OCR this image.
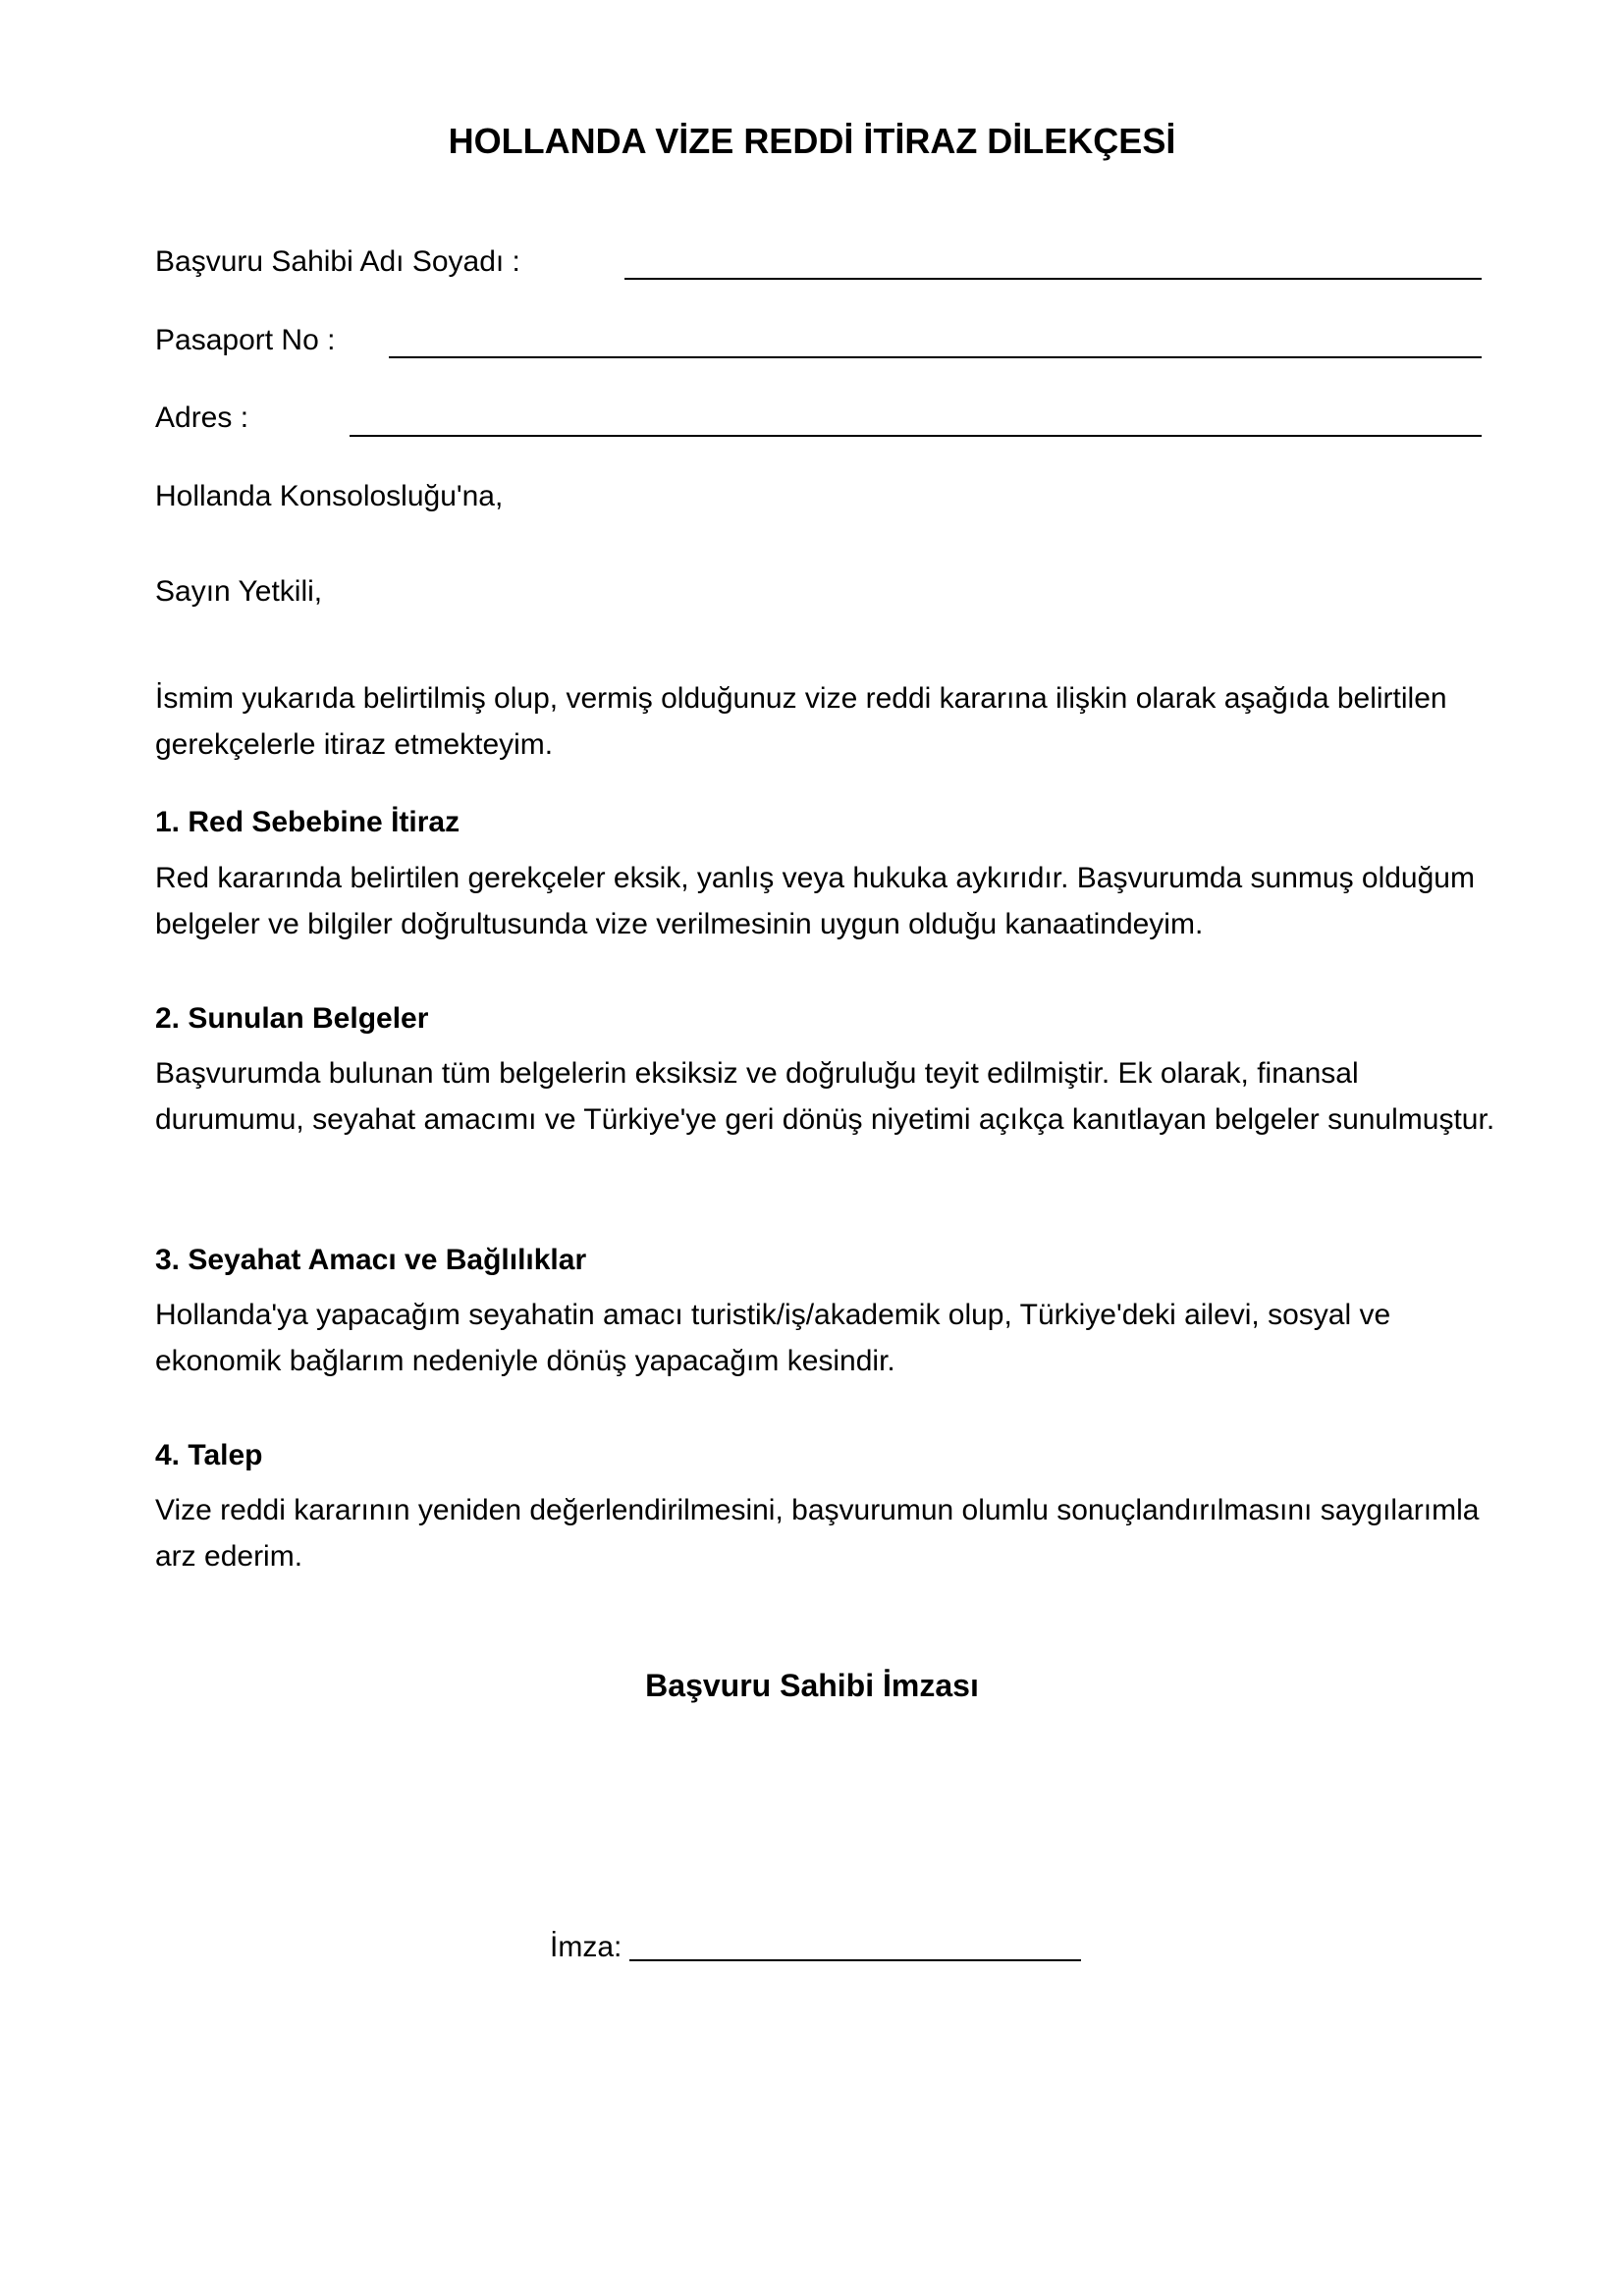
HOLLANDA VİZE REDDİ İTİRAZ DİLEKÇESİ
Başvuru Sahibi Adı Soyadı :
Pasaport No :
Adres :
Hollanda Konsolosluğu'na,
Sayın Yetkili,
İsmim yukarıda belirtilmiş olup, vermiş olduğunuz vize reddi kararına ilişkin olarak aşağıda belirtilen gerekçelerle itiraz etmekteyim.
1. Red Sebebine İtiraz
Red kararında belirtilen gerekçeler eksik, yanlış veya hukuka aykırıdır. Başvurumda sunmuş olduğum belgeler ve bilgiler doğrultusunda vize verilmesinin uygun olduğu kanaatindeyim.
2. Sunulan Belgeler
Başvurumda bulunan tüm belgelerin eksiksiz ve doğruluğu teyit edilmiştir. Ek olarak, finansal durumumu, seyahat amacımı ve Türkiye'ye geri dönüş niyetimi açıkça kanıtlayan belgeler sunulmuştur.
3. Seyahat Amacı ve Bağlılıklar
Hollanda'ya yapacağım seyahatin amacı turistik/iş/akademik olup, Türkiye'deki ailevi, sosyal ve ekonomik bağlarım nedeniyle dönüş yapacağım kesindir.
4. Talep
Vize reddi kararının yeniden değerlendirilmesini, başvurumun olumlu sonuçlandırılmasını saygılarımla arz ederim.
Başvuru Sahibi İmzası
İmza:
